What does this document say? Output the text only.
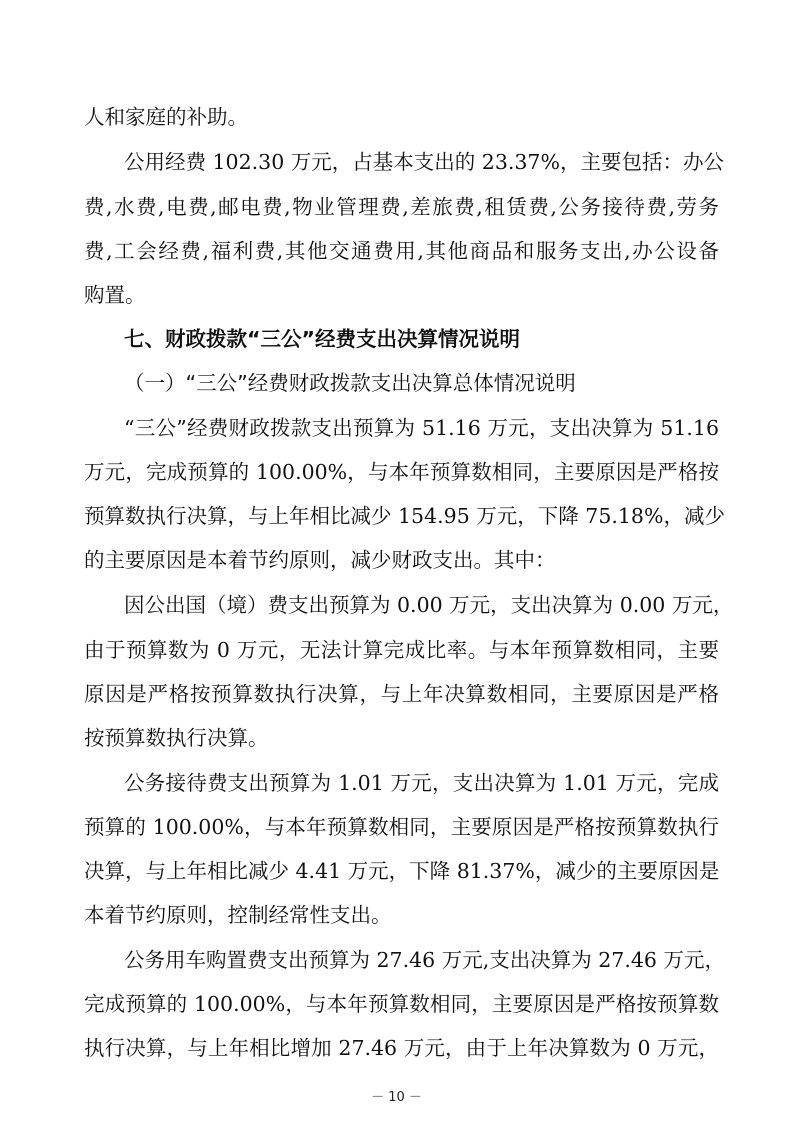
人和家庭的补助。
公用经费 102.30 万元，占基本支出的 23.37%，主要包括：办公
费,水费,电费,邮电费,物业管理费,差旅费,租赁费,公务接待费,劳务
费,工会经费,福利费,其他交通费用,其他商品和服务支出,办公设备
购置。
七、财政拨款“三公”经费支出决算情况说明
（一）“三公”经费财政拨款支出决算总体情况说明
“三公”经费财政拨款支出预算为 51.16 万元，支出决算为 51.16
万元，完成预算的 100.00%，与本年预算数相同，主要原因是严格按
预算数执行决算，与上年相比减少 154.95 万元，下降 75.18%，减少
的主要原因是本着节约原则，减少财政支出。其中：
因公出国（境）费支出预算为 0.00 万元，支出决算为 0.00 万元，
由于预算数为 0 万元，无法计算完成比率。与本年预算数相同，主要
原因是严格按预算数执行决算，与上年决算数相同，主要原因是严格
按预算数执行决算。
公务接待费支出预算为 1.01 万元，支出决算为 1.01 万元，完成
预算的 100.00%，与本年预算数相同，主要原因是严格按预算数执行
决算，与上年相比减少 4.41 万元，下降 81.37%，减少的主要原因是
本着节约原则，控制经常性支出。
公务用车购置费支出预算为 27.46 万元,支出决算为 27.46 万元，
完成预算的 100.00%，与本年预算数相同，主要原因是严格按预算数
执行决算，与上年相比增加 27.46 万元，由于上年决算数为 0 万元，
－ 10 －
